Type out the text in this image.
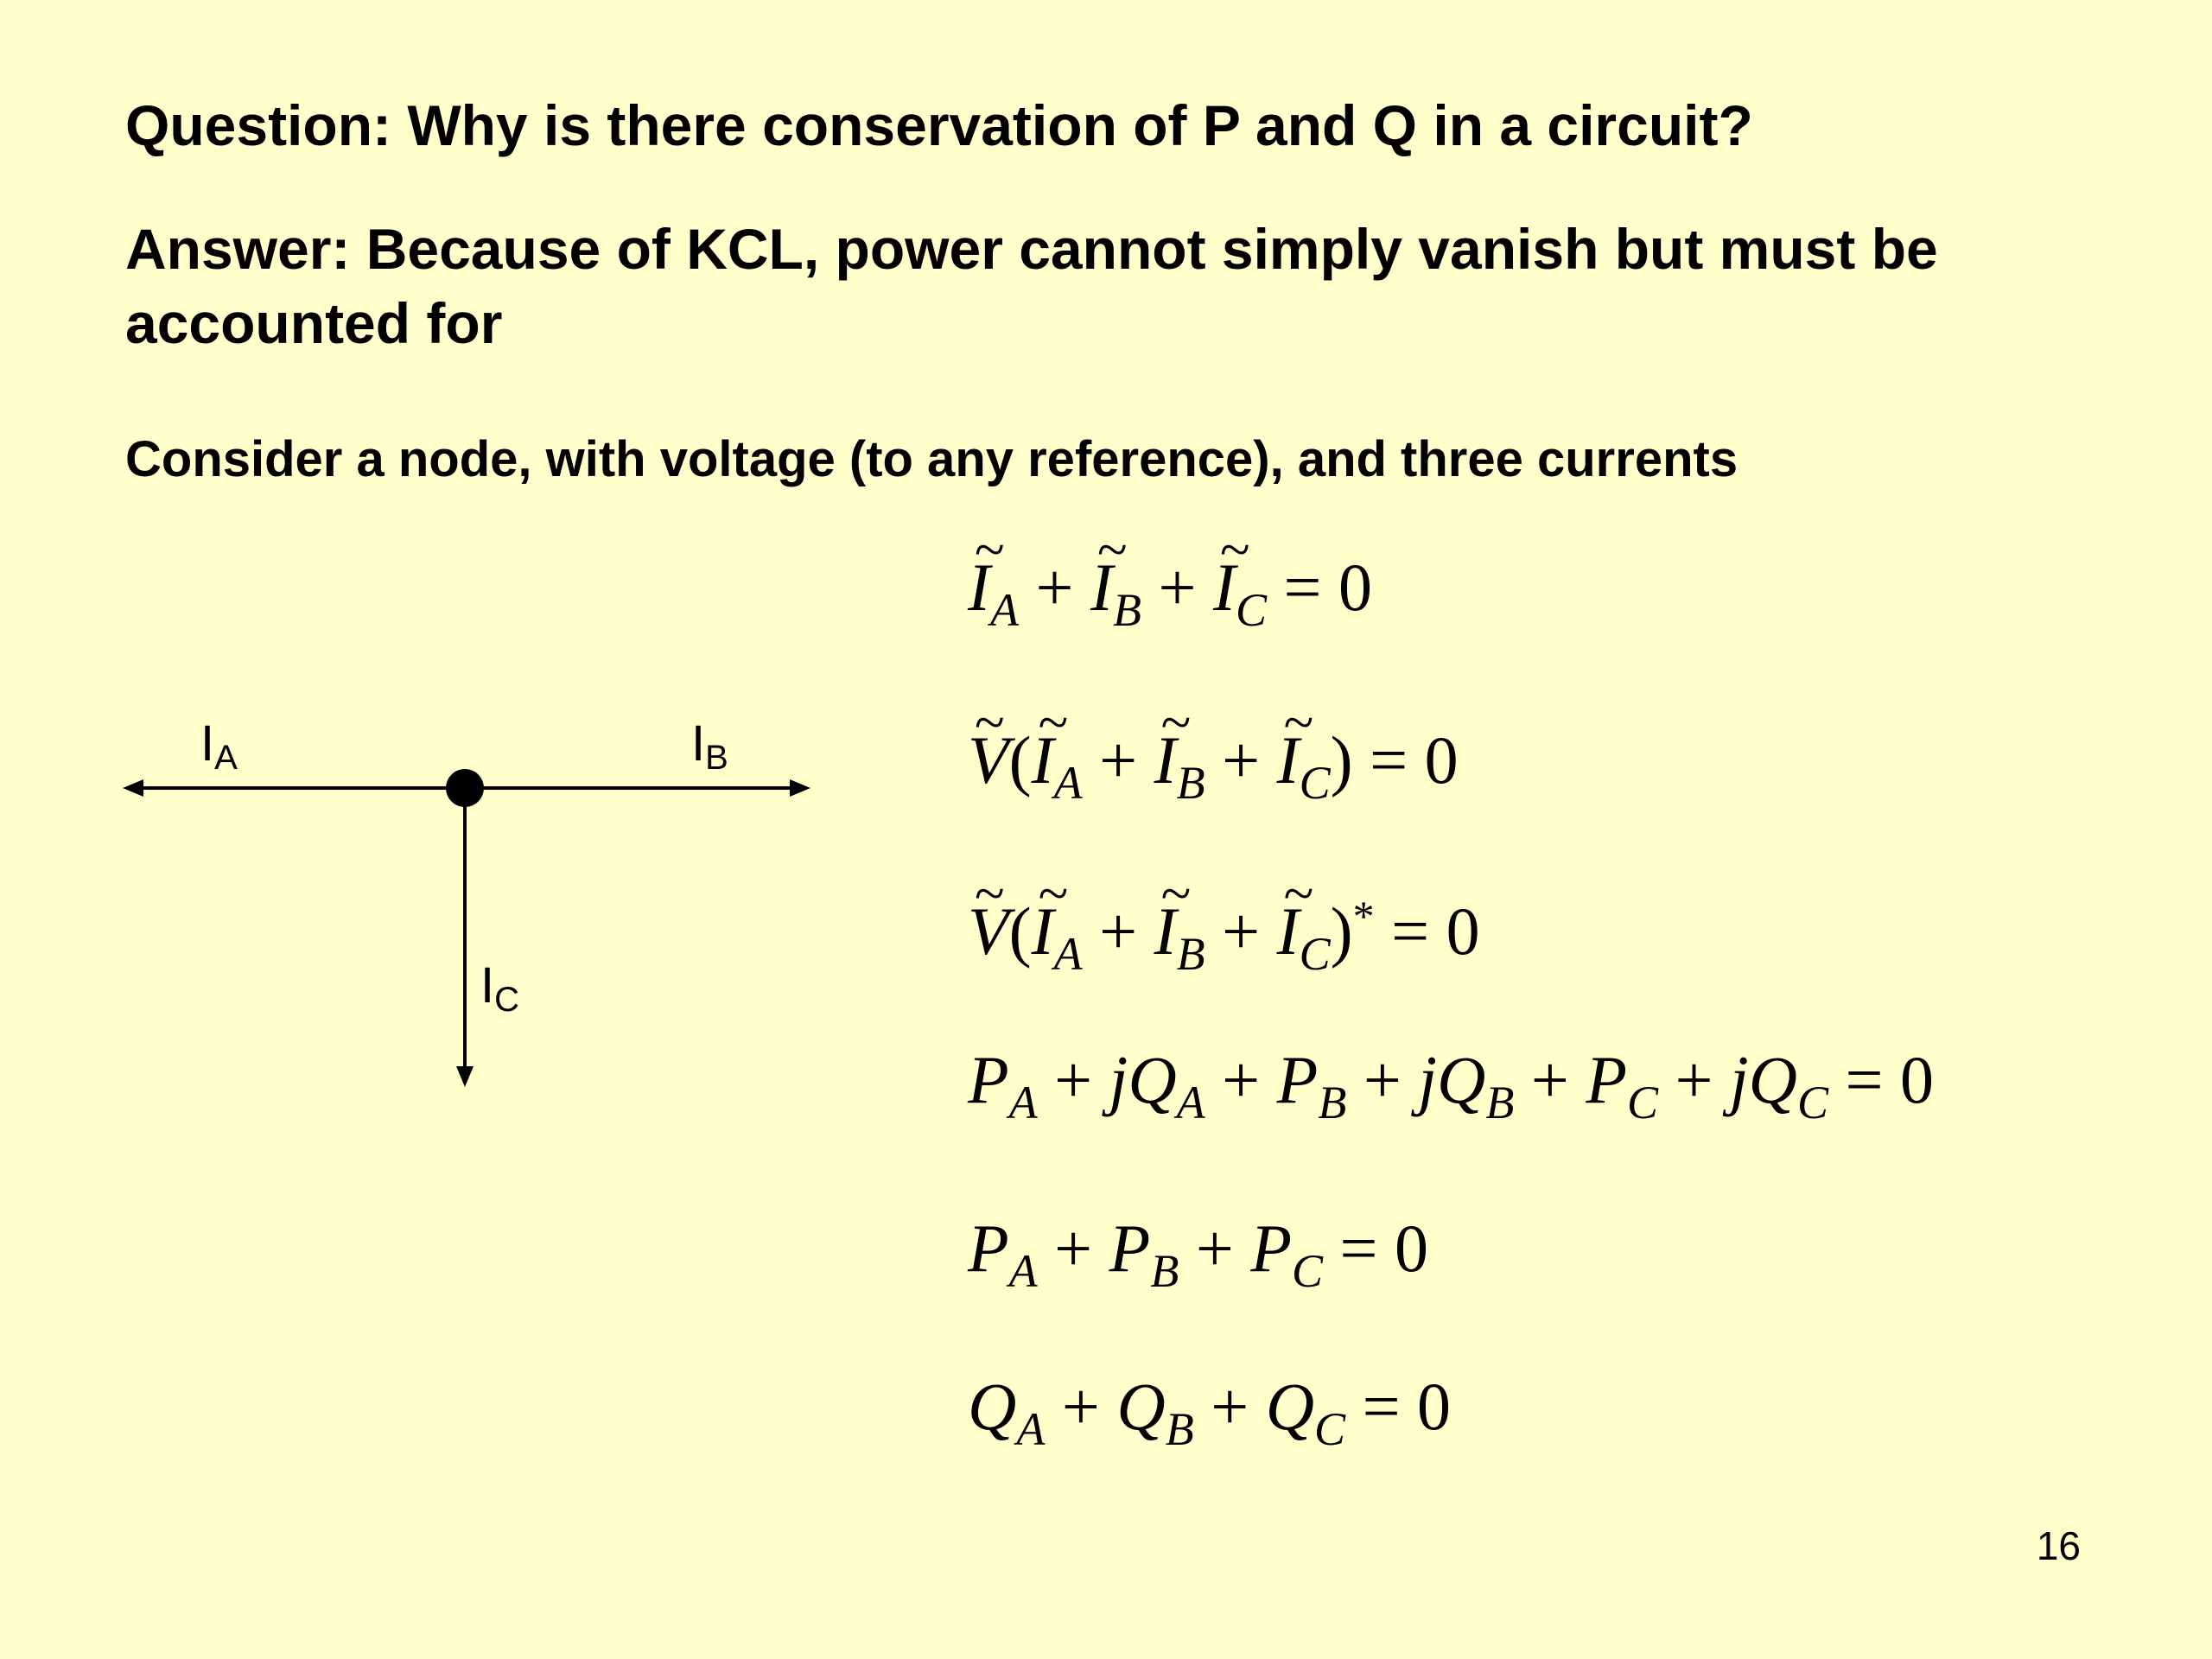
Question: Why is there conservation of P and Q in a circuit?

Answer: Because of KCL, power cannot simply vanish but must be accounted for

Consider a node, with voltage (to any reference), and three currents

IA	IB
IC
~ $I_A$ + ~ $I_B$ + ~ $I_C = 0$
~ V(~ $I_A$ + ~ $I_B$ + ~ $I_C) = 0$
~ V(~ $I_A$ + ~ $I_B$ + ~ $I_C)^* = 0$
$P_A + jQ_A + P_B + jQ_B + P_C + jQ_C = 0$
$P_A + P_B + P_C = 0$
$Q_A + Q_B + Q_C = 0$
16
